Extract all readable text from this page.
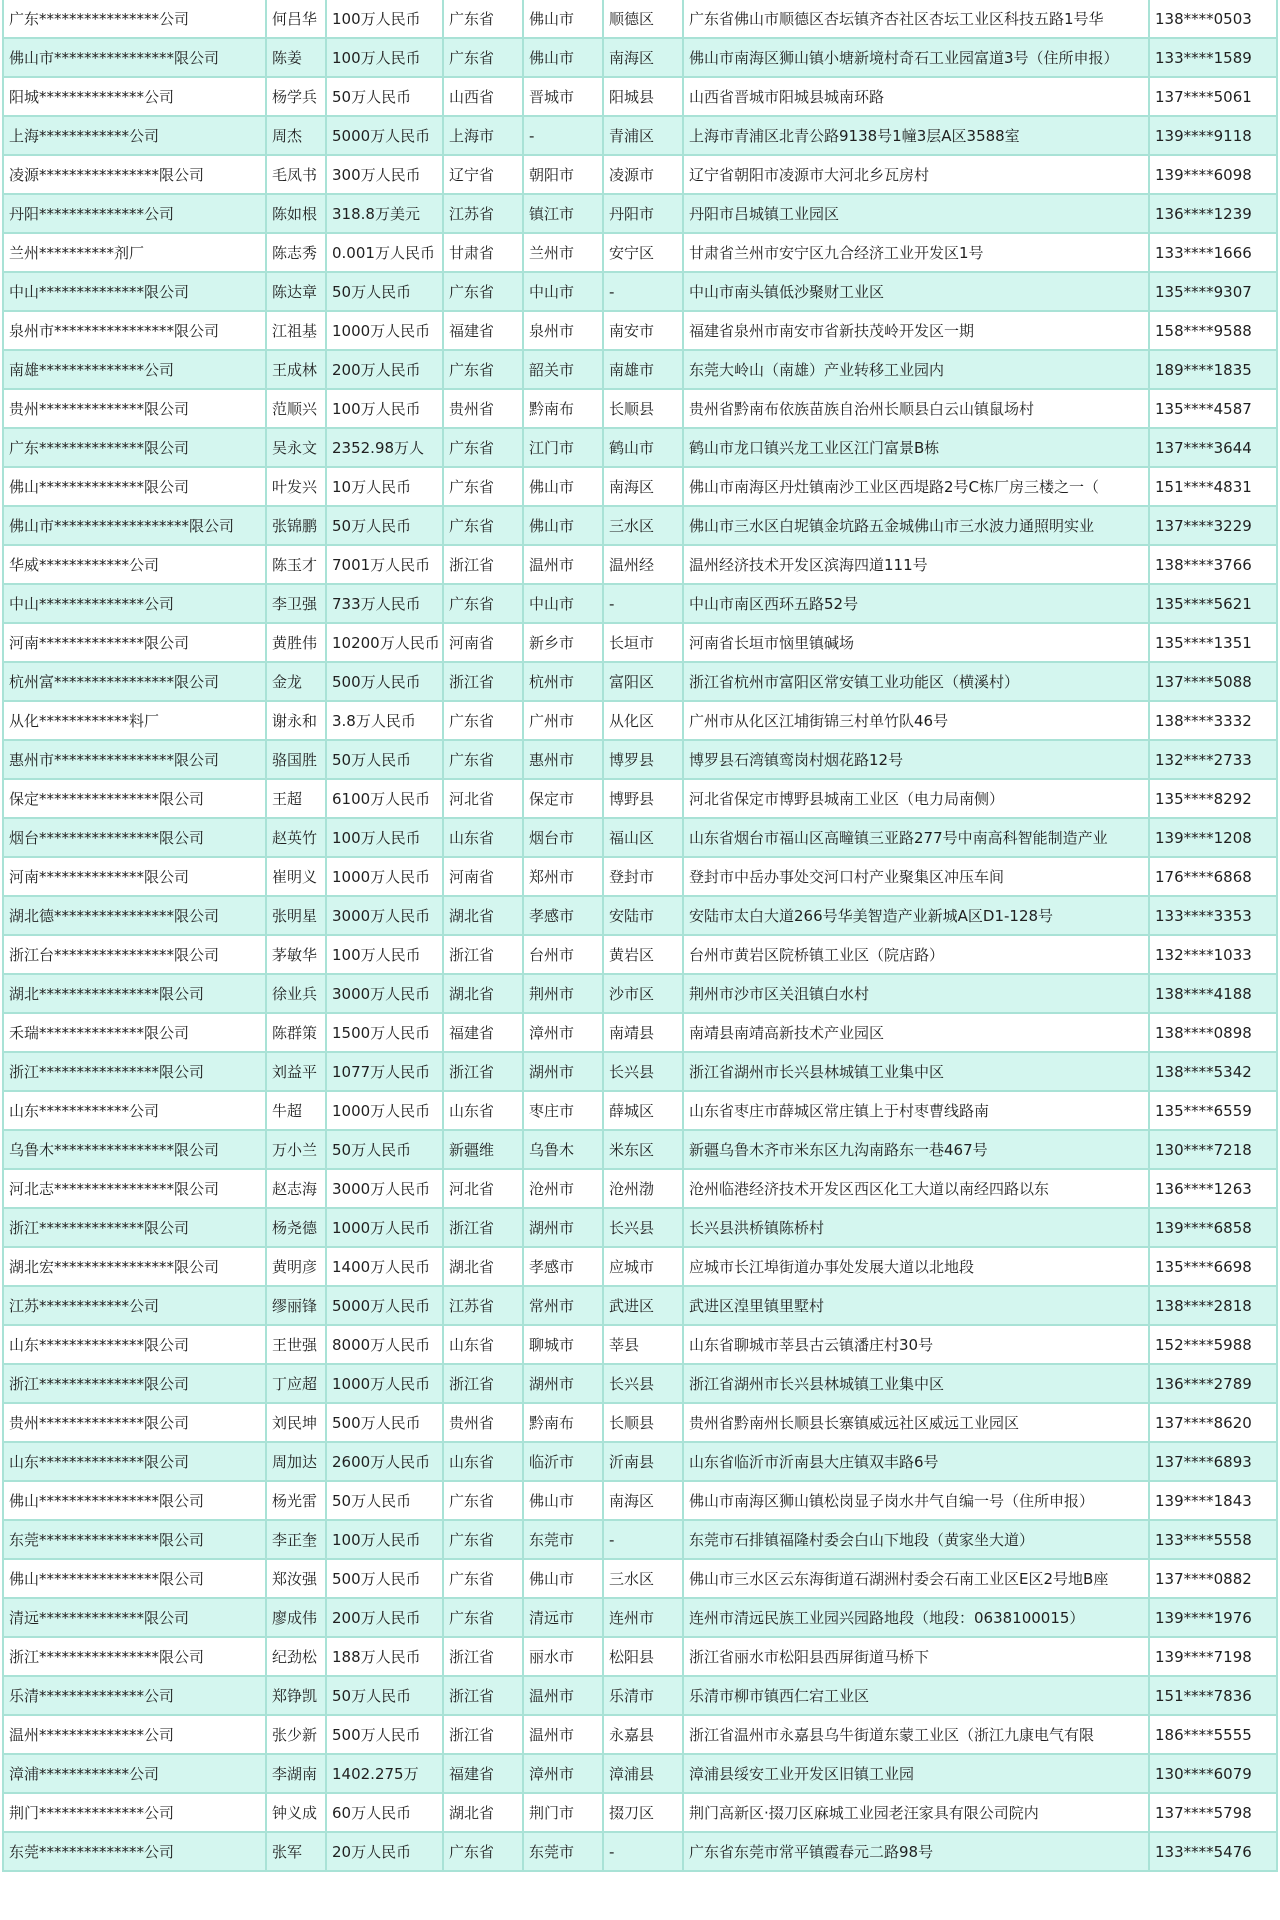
广东****************公司	何吕华	100万人民币	广东省	佛山市	顺德区	广东省佛山市顺德区杏坛镇齐杏社区杏坛工业区科技五路1号华	138****0503
佛山市****************限公司	陈姜	100万人民币	广东省	佛山市	南海区	佛山市南海区狮山镇小塘新境村奇石工业园富道3号（住所申报）	133****1589
阳城**************公司	杨学兵	50万人民币	山西省	晋城市	阳城县	山西省晋城市阳城县城南环路	137****5061
上海************公司	周杰	5000万人民币	上海市	-	青浦区	上海市青浦区北青公路9138号1幢3层A区3588室	139****9118
凌源****************限公司	毛凤书	300万人民币	辽宁省	朝阳市	凌源市	辽宁省朝阳市凌源市大河北乡瓦房村	139****6098
丹阳**************公司	陈如根	318.8万美元	江苏省	镇江市	丹阳市	丹阳市吕城镇工业园区	136****1239
兰州**********剂厂	陈志秀	0.001万人民币	甘肃省	兰州市	安宁区	甘肃省兰州市安宁区九合经济工业开发区1号	133****1666
中山**************限公司	陈达章	50万人民币	广东省	中山市	-	中山市南头镇低沙聚财工业区	135****9307
泉州市****************限公司	江祖基	1000万人民币	福建省	泉州市	南安市	福建省泉州市南安市省新扶茂岭开发区一期	158****9588
南雄**************公司	王成林	200万人民币	广东省	韶关市	南雄市	东莞大岭山（南雄）产业转移工业园内	189****1835
贵州**************限公司	范顺兴	100万人民币	贵州省	黔南布	长顺县	贵州省黔南布依族苗族自治州长顺县白云山镇鼠场村	135****4587
广东**************限公司	吴永文	2352.98万人	广东省	江门市	鹤山市	鹤山市龙口镇兴龙工业区江门富景B栋	137****3644
佛山**************限公司	叶发兴	10万人民币	广东省	佛山市	南海区	佛山市南海区丹灶镇南沙工业区西堤路2号C栋厂房三楼之一（	151****4831
佛山市******************限公司	张锦鹏	50万人民币	广东省	佛山市	三水区	佛山市三水区白坭镇金坑路五金城佛山市三水波力通照明实业	137****3229
华威************公司	陈玉才	7001万人民币	浙江省	温州市	温州经	温州经济技术开发区滨海四道111号	138****3766
中山**************公司	李卫强	733万人民币	广东省	中山市	-	中山市南区西环五路52号	135****5621
河南**************限公司	黄胜伟	10200万人民币	河南省	新乡市	长垣市	河南省长垣市恼里镇碱场	135****1351
杭州富****************限公司	金龙	500万人民币	浙江省	杭州市	富阳区	浙江省杭州市富阳区常安镇工业功能区（横溪村）	137****5088
从化************料厂	谢永和	3.8万人民币	广东省	广州市	从化区	广州市从化区江埔街锦三村单竹队46号	138****3332
惠州市****************限公司	骆国胜	50万人民币	广东省	惠州市	博罗县	博罗县石湾镇鸾岗村烟花路12号	132****2733
保定****************限公司	王超	6100万人民币	河北省	保定市	博野县	河北省保定市博野县城南工业区（电力局南侧）	135****8292
烟台****************限公司	赵英竹	100万人民币	山东省	烟台市	福山区	山东省烟台市福山区高疃镇三亚路277号中南高科智能制造产业	139****1208
河南**************限公司	崔明义	1000万人民币	河南省	郑州市	登封市	登封市中岳办事处交河口村产业聚集区冲压车间	176****6868
湖北德****************限公司	张明星	3000万人民币	湖北省	孝感市	安陆市	安陆市太白大道266号华美智造产业新城A区D1-128号	133****3353
浙江台****************限公司	茅敏华	100万人民币	浙江省	台州市	黄岩区	台州市黄岩区院桥镇工业区（院店路）	132****1033
湖北****************限公司	徐业兵	3000万人民币	湖北省	荆州市	沙市区	荆州市沙市区关沮镇白水村	138****4188
禾瑞**************限公司	陈群策	1500万人民币	福建省	漳州市	南靖县	南靖县南靖高新技术产业园区	138****0898
浙江****************限公司	刘益平	1077万人民币	浙江省	湖州市	长兴县	浙江省湖州市长兴县林城镇工业集中区	138****5342
山东************公司	牛超	1000万人民币	山东省	枣庄市	薛城区	山东省枣庄市薛城区常庄镇上于村枣曹线路南	135****6559
乌鲁木****************限公司	万小兰	50万人民币	新疆维	乌鲁木	米东区	新疆乌鲁木齐市米东区九沟南路东一巷467号	130****7218
河北志****************限公司	赵志海	3000万人民币	河北省	沧州市	沧州渤	沧州临港经济技术开发区西区化工大道以南经四路以东	136****1263
浙江**************限公司	杨尧德	1000万人民币	浙江省	湖州市	长兴县	长兴县洪桥镇陈桥村	139****6858
湖北宏****************限公司	黄明彦	1400万人民币	湖北省	孝感市	应城市	应城市长江埠街道办事处发展大道以北地段	135****6698
江苏************公司	缪丽锋	5000万人民币	江苏省	常州市	武进区	武进区湟里镇里墅村	138****2818
山东**************限公司	王世强	8000万人民币	山东省	聊城市	莘县	山东省聊城市莘县古云镇潘庄村30号	152****5988
浙江**************限公司	丁应超	1000万人民币	浙江省	湖州市	长兴县	浙江省湖州市长兴县林城镇工业集中区	136****2789
贵州**************限公司	刘民坤	500万人民币	贵州省	黔南布	长顺县	贵州省黔南州长顺县长寨镇威远社区威远工业园区	137****8620
山东**************限公司	周加达	2600万人民币	山东省	临沂市	沂南县	山东省临沂市沂南县大庄镇双丰路6号	137****6893
佛山****************限公司	杨光雷	50万人民币	广东省	佛山市	南海区	佛山市南海区狮山镇松岗显子岗水井气自编一号（住所申报）	139****1843
东莞****************限公司	李正奎	100万人民币	广东省	东莞市	-	东莞市石排镇福隆村委会白山下地段（黄家坐大道）	133****5558
佛山****************限公司	郑汝强	500万人民币	广东省	佛山市	三水区	佛山市三水区云东海街道石湖洲村委会石南工业区E区2号地B座	137****0882
清远**************限公司	廖成伟	200万人民币	广东省	清远市	连州市	连州市清远民族工业园兴园路地段（地段：0638100015）	139****1976
浙江****************限公司	纪劲松	188万人民币	浙江省	丽水市	松阳县	浙江省丽水市松阳县西屏街道马桥下	139****7198
乐清**************公司	郑铮凯	50万人民币	浙江省	温州市	乐清市	乐清市柳市镇西仁宕工业区	151****7836
温州**************公司	张少新	500万人民币	浙江省	温州市	永嘉县	浙江省温州市永嘉县乌牛街道东蒙工业区（浙江九康电气有限	186****5555
漳浦************公司	李湖南	1402.275万	福建省	漳州市	漳浦县	漳浦县绥安工业开发区旧镇工业园	130****6079
荆门**************公司	钟义成	60万人民币	湖北省	荆门市	掇刀区	荆门高新区·掇刀区麻城工业园老汪家具有限公司院内	137****5798
东莞**************公司	张军	20万人民币	广东省	东莞市	-	广东省东莞市常平镇霞春元二路98号	133****5476
